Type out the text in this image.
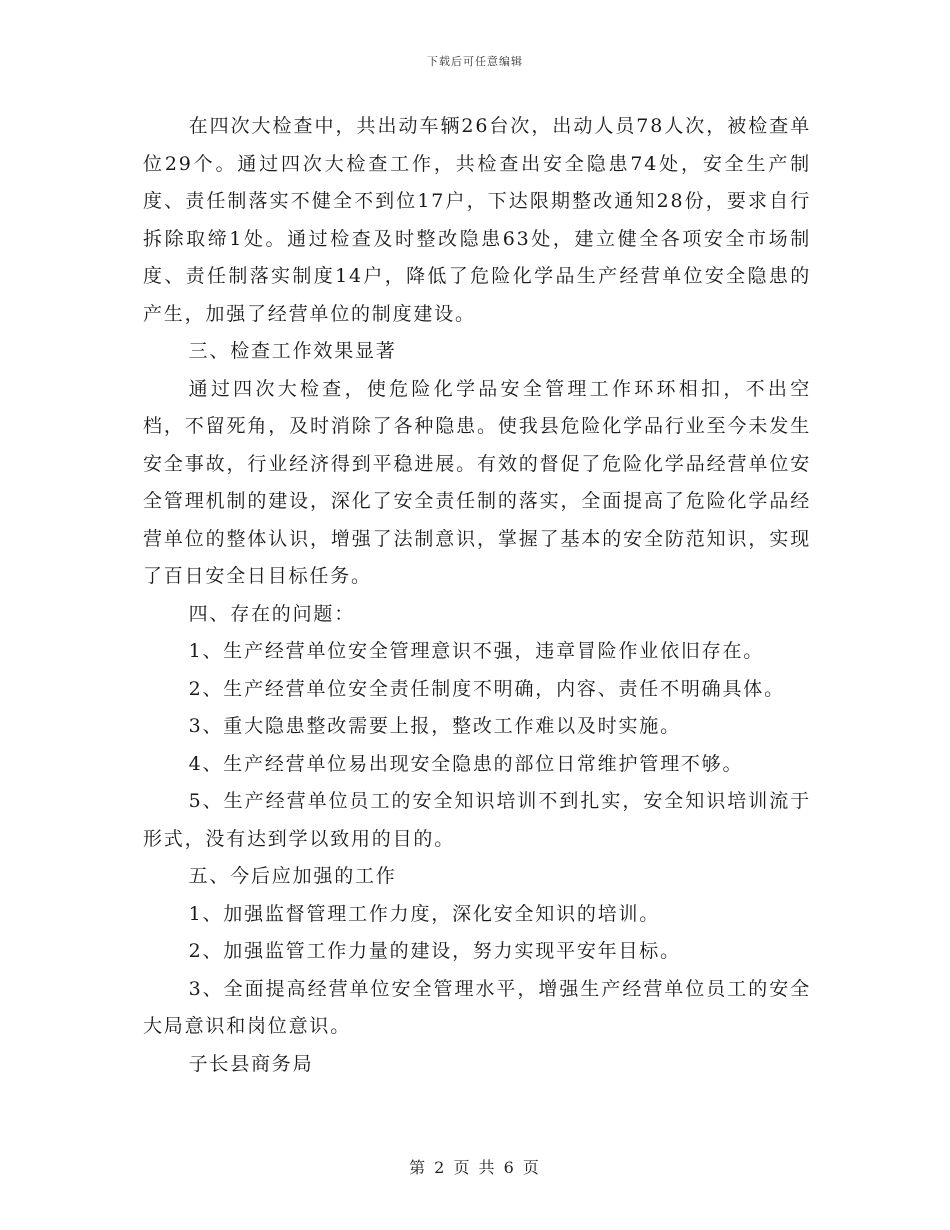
下载后可任意编辑

在四次大检查中，共出动车辆26台次，出动人员78人次，被检查单位29个。通过四次大检查工作，共检查出安全隐患74处，安全生产制度、责任制落实不健全不到位17户，下达限期整改通知28份，要求自行拆除取缔1处。通过检查及时整改隐患63处，建立健全各项安全市场制度、责任制落实制度14户，降低了危险化学品生产经营单位安全隐患的产生，加强了经营单位的制度建设。

三、检查工作效果显著

通过四次大检查，使危险化学品安全管理工作环环相扣，不出空档，不留死角，及时消除了各种隐患。使我县危险化学品行业至今未发生安全事故，行业经济得到平稳进展。有效的督促了危险化学品经营单位安全管理机制的建设，深化了安全责任制的落实，全面提高了危险化学品经营单位的整体认识，增强了法制意识，掌握了基本的安全防范知识，实现了百日安全日目标任务。

四、存在的问题：

1、生产经营单位安全管理意识不强，违章冒险作业依旧存在。

2、生产经营单位安全责任制度不明确，内容、责任不明确具体。

3、重大隐患整改需要上报，整改工作难以及时实施。

4、生产经营单位易出现安全隐患的部位日常维护管理不够。

5、生产经营单位员工的安全知识培训不到扎实，安全知识培训流于形式，没有达到学以致用的目的。

五、今后应加强的工作

1、加强监督管理工作力度，深化安全知识的培训。

2、加强监管工作力量的建设，努力实现平安年目标。

3、全面提高经营单位安全管理水平，增强生产经营单位员工的安全大局意识和岗位意识。

子长县商务局

第 2 页 共 6 页
